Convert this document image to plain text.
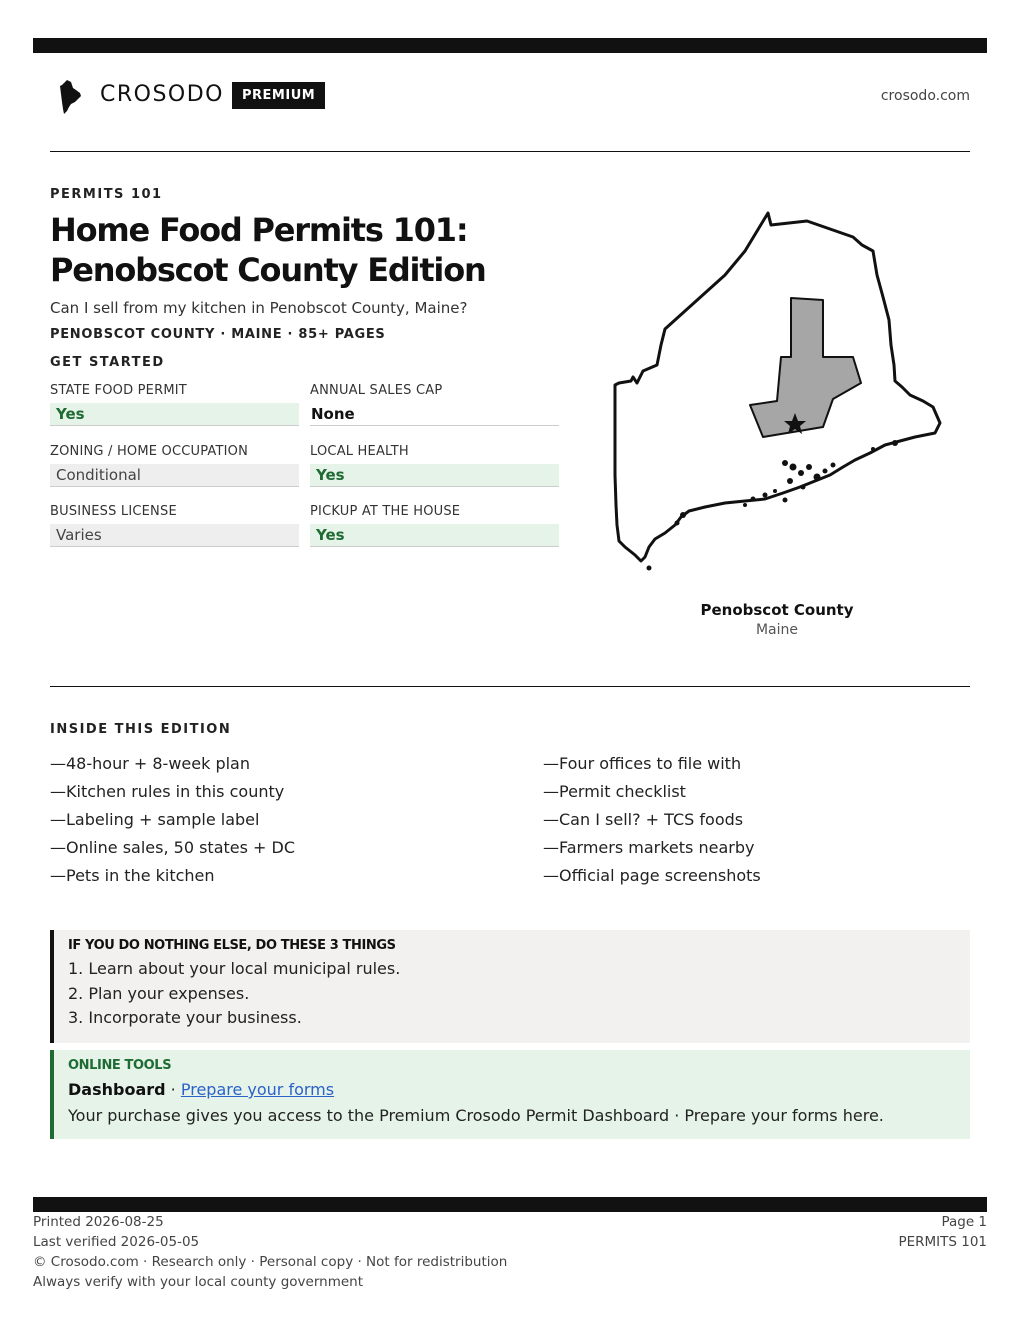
CROSODO	PREMIUM	crosodo.com
PERMITS 101
Home Food Permits 101:
Penobscot County Edition
Can I sell from my kitchen in Penobscot County, Maine?
PENOBSCOT COUNTY · MAINE · 85+ PAGES
GET STARTED
STATE FOOD PERMIT
Yes
ANNUAL SALES CAP
None
ZONING / HOME OCCUPATION
Conditional
LOCAL HEALTH
Yes
BUSINESS LICENSE
Varies
PICKUP AT THE HOUSE
Yes
Penobscot County
Maine
INSIDE THIS EDITION
—48-hour + 8-week plan
—Kitchen rules in this county
—Labeling + sample label
—Online sales, 50 states + DC
—Pets in the kitchen
—Four offices to file with
—Permit checklist
—Can I sell? + TCS foods
—Farmers markets nearby
—Official page screenshots
IF YOU DO NOTHING ELSE, DO THESE 3 THINGS
1. Learn about your local municipal rules.
2. Plan your expenses.
3. Incorporate your business.
ONLINE TOOLS
Dashboard · Prepare your forms
Your purchase gives you access to the Premium Crosodo Permit Dashboard · Prepare your forms here.
Printed 2026-08-25
Last verified 2026-05-05
© Crosodo.com · Research only · Personal copy · Not for redistribution
Always verify with your local county government
Page 1
PERMITS 101
